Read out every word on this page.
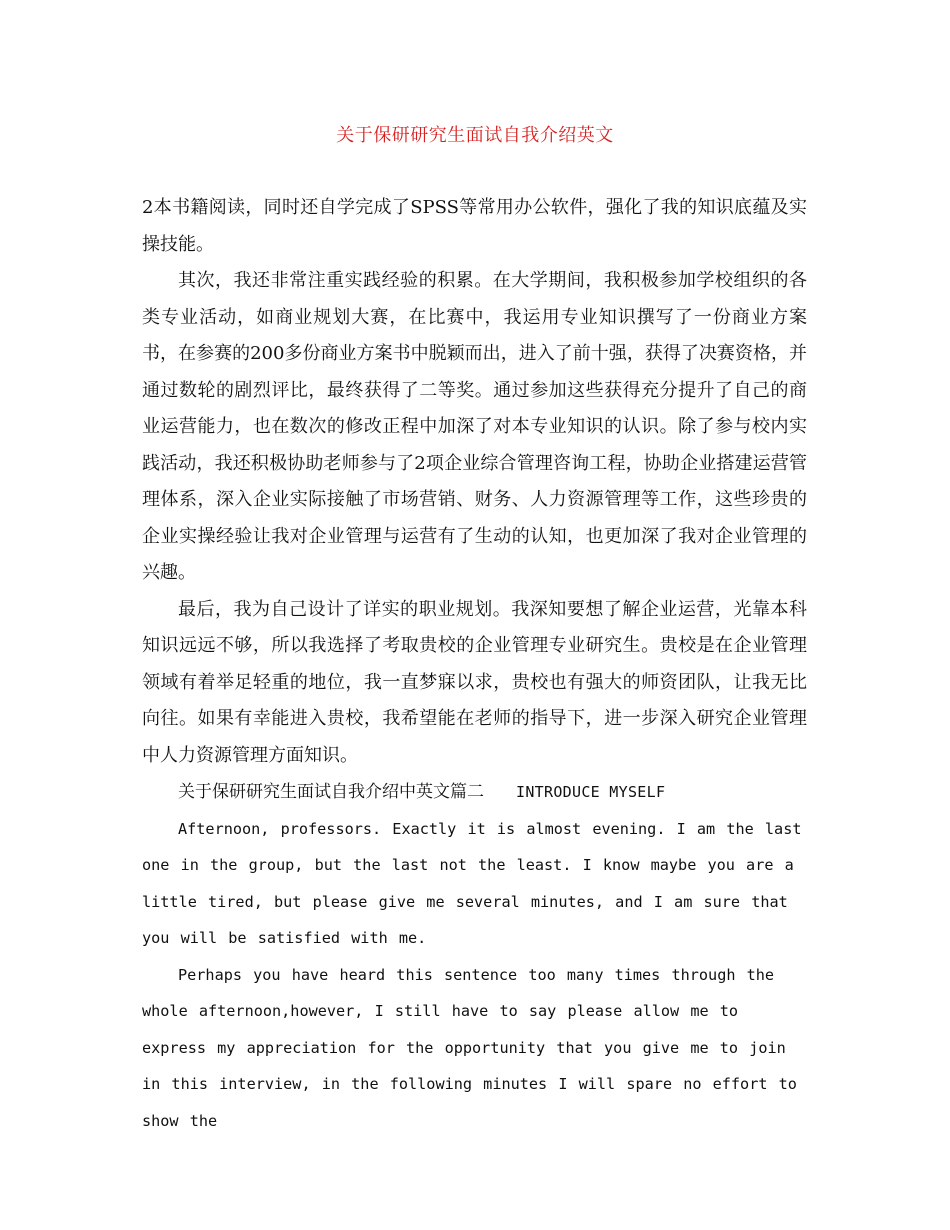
关于保研研究生面试自我介绍英文

2本书籍阅读，同时还自学完成了SPSS等常用办公软件，强化了我的知识底蕴及实操技能。

其次，我还非常注重实践经验的积累。在大学期间，我积极参加学校组织的各类专业活动，如商业规划大赛，在比赛中，我运用专业知识撰写了一份商业方案书，在参赛的200多份商业方案书中脱颖而出，进入了前十强，获得了决赛资格，并通过数轮的剧烈评比，最终获得了二等奖。通过参加这些获得充分提升了自己的商业运营能力，也在数次的修改正程中加深了对本专业知识的认识。除了参与校内实践活动，我还积极协助老师参与了2项企业综合管理咨询工程，协助企业搭建运营管理体系，深入企业实际接触了市场营销、财务、人力资源管理等工作，这些珍贵的企业实操经验让我对企业管理与运营有了生动的认知，也更加深了我对企业管理的兴趣。

最后，我为自己设计了详实的职业规划。我深知要想了解企业运营，光靠本科知识远远不够，所以我选择了考取贵校的企业管理专业研究生。贵校是在企业管理领域有着举足轻重的地位，我一直梦寐以求，贵校也有强大的师资团队，让我无比向往。如果有幸能进入贵校，我希望能在老师的指导下，进一步深入研究企业管理中人力资源管理方面知识。

关于保研研究生面试自我介绍中英文篇二 INTRODUCE MYSELF

Afternoon, professors. Exactly it is almost evening. I am the last one in the group, but the last not the least. I know maybe you are a little tired, but please give me several minutes, and I am sure that you will be satisfied with me.

Perhaps you have heard this sentence too many times through the whole afternoon,however, I still have to say please allow me to express my appreciation for the opportunity that you give me to join in this interview, in the following minutes I will spare no effort to show the
